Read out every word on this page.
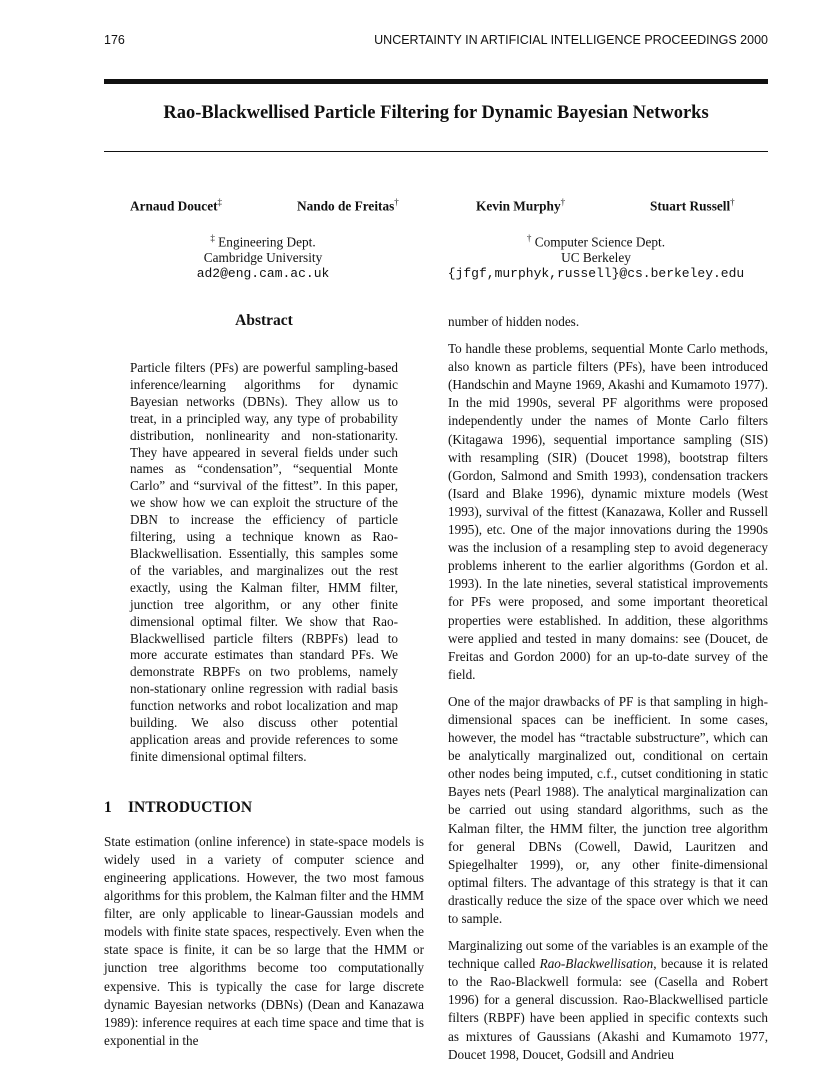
176	UNCERTAINTY IN ARTIFICIAL INTELLIGENCE PROCEEDINGS 2000
Rao-Blackwellised Particle Filtering for Dynamic Bayesian Networks
Arnaud Doucet‡	Nando de Freitas†	Kevin Murphy†	Stuart Russell†
‡ Engineering Dept.
Cambridge University
ad2@eng.cam.ac.uk
† Computer Science Dept.
UC Berkeley
{jfgf,murphyk,russell}@cs.berkeley.edu
Abstract
Particle filters (PFs) are powerful sampling-based inference/learning algorithms for dynamic Bayesian networks (DBNs). They allow us to treat, in a principled way, any type of probability distribution, nonlinearity and non-stationarity. They have appeared in several fields under such names as “condensation”, “sequential Monte Carlo” and “survival of the fittest”. In this paper, we show how we can exploit the structure of the DBN to increase the efficiency of particle filtering, using a technique known as Rao-Blackwellisation. Essentially, this samples some of the variables, and marginalizes out the rest exactly, using the Kalman filter, HMM filter, junction tree algorithm, or any other finite dimensional optimal filter. We show that Rao-Blackwellised particle filters (RBPFs) lead to more accurate estimates than standard PFs. We demonstrate RBPFs on two problems, namely non-stationary online regression with radial basis function networks and robot localization and map building. We also discuss other potential application areas and provide references to some finite dimensional optimal filters.
1 INTRODUCTION
State estimation (online inference) in state-space models is widely used in a variety of computer science and engineering applications. However, the two most famous algorithms for this problem, the Kalman filter and the HMM filter, are only applicable to linear-Gaussian models and models with finite state spaces, respectively. Even when the state space is finite, it can be so large that the HMM or junction tree algorithms become too computationally expensive. This is typically the case for large discrete dynamic Bayesian networks (DBNs) (Dean and Kanazawa 1989): inference requires at each time space and time that is exponential in the

number of hidden nodes.

To handle these problems, sequential Monte Carlo methods, also known as particle filters (PFs), have been introduced (Handschin and Mayne 1969, Akashi and Kumamoto 1977). In the mid 1990s, several PF algorithms were proposed independently under the names of Monte Carlo filters (Kitagawa 1996), sequential importance sampling (SIS) with resampling (SIR) (Doucet 1998), bootstrap filters (Gordon, Salmond and Smith 1993), condensation trackers (Isard and Blake 1996), dynamic mixture models (West 1993), survival of the fittest (Kanazawa, Koller and Russell 1995), etc. One of the major innovations during the 1990s was the inclusion of a resampling step to avoid degeneracy problems inherent to the earlier algorithms (Gordon et al. 1993). In the late nineties, several statistical improvements for PFs were proposed, and some important theoretical properties were established. In addition, these algorithms were applied and tested in many domains: see (Doucet, de Freitas and Gordon 2000) for an up-to-date survey of the field.

One of the major drawbacks of PF is that sampling in high-dimensional spaces can be inefficient. In some cases, however, the model has “tractable substructure”, which can be analytically marginalized out, conditional on certain other nodes being imputed, c.f., cutset conditioning in static Bayes nets (Pearl 1988). The analytical marginalization can be carried out using standard algorithms, such as the Kalman filter, the HMM filter, the junction tree algorithm for general DBNs (Cowell, Dawid, Lauritzen and Spiegelhalter 1999), or, any other finite-dimensional optimal filters. The advantage of this strategy is that it can drastically reduce the size of the space over which we need to sample.

Marginalizing out some of the variables is an example of the technique called Rao-Blackwellisation, because it is related to the Rao-Blackwell formula: see (Casella and Robert 1996) for a general discussion. Rao-Blackwellised particle filters (RBPF) have been applied in specific contexts such as mixtures of Gaussians (Akashi and Kumamoto 1977, Doucet 1998, Doucet, Godsill and Andrieu
